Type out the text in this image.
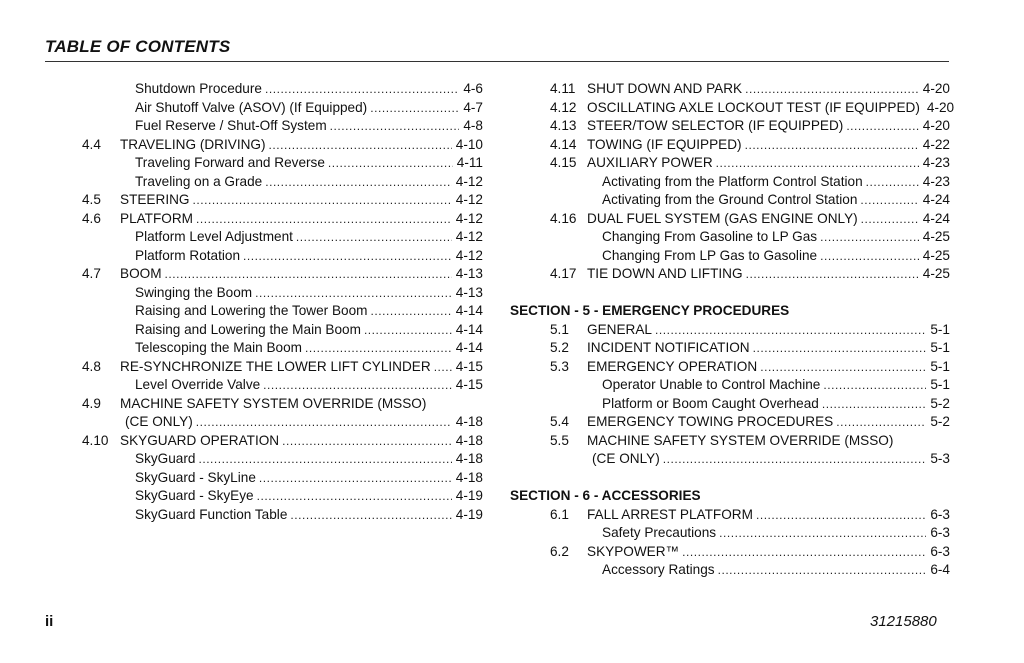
TABLE OF CONTENTS
Shutdown Procedure . . .	4-6
Air Shutoff Valve (ASOV) (If Equipped) . . .	4-7
Fuel Reserve / Shut-Off System . . .	4-8
4.4 TRAVELING (DRIVING) . . .	4-10
Traveling Forward and Reverse . . .	4-11
Traveling on a Grade . . .	4-12
4.5 STEERING . . .	4-12
4.6 PLATFORM . . .	4-12
Platform Level Adjustment . . .	4-12
Platform Rotation . . .	4-12
4.7 BOOM . . .	4-13
Swinging the Boom . . .	4-13
Raising and Lowering the Tower Boom . . .	4-14
Raising and Lowering the Main Boom . . .	4-14
Telescoping the Main Boom . . .	4-14
4.8 RE-SYNCHRONIZE THE LOWER LIFT CYLINDER . . . 4-15
Level Override Valve . . .	4-15
4.9 MACHINE SAFETY SYSTEM OVERRIDE (MSSO)
(CE ONLY) . . .	4-18
4.10 SKYGUARD OPERATION . . .	4-18
SkyGuard . . .	4-18
SkyGuard - SkyLine . . .	4-18
SkyGuard - SkyEye . . .	4-19
SkyGuard Function Table . . .	4-19
4.11 SHUT DOWN AND PARK . . .	4-20
4.12 OSCILLATING AXLE LOCKOUT TEST (IF EQUIPPED) 4-20
4.13 STEER/TOW SELECTOR (IF EQUIPPED) . . .	4-20
4.14 TOWING (IF EQUIPPED) . . .	4-22
4.15 AUXILIARY POWER . . .	4-23
Activating from the Platform Control Station . . .	4-23
Activating from the Ground Control Station . . .	4-24
4.16 DUAL FUEL SYSTEM (GAS ENGINE ONLY) . . .	4-24
Changing From Gasoline to LP Gas . . .	4-25
Changing From LP Gas to Gasoline . . .	4-25
4.17 TIE DOWN AND LIFTING . . .	4-25
SECTION - 5 - EMERGENCY PROCEDURES
5.1 GENERAL . . .	5-1
5.2 INCIDENT NOTIFICATION . . .	5-1
5.3 EMERGENCY OPERATION . . .	5-1
Operator Unable to Control Machine . . .	5-1
Platform or Boom Caught Overhead . . .	5-2
5.4 EMERGENCY TOWING PROCEDURES . . .	5-2
5.5 MACHINE SAFETY SYSTEM OVERRIDE (MSSO)
(CE ONLY) . . .	5-3
SECTION - 6 - ACCESSORIES
6.1 FALL ARREST PLATFORM . . .	6-3
Safety Precautions . . .	6-3
6.2 SKYPOWER™ . . .	6-3
Accessory Ratings . . .	6-4
ii	31215880
